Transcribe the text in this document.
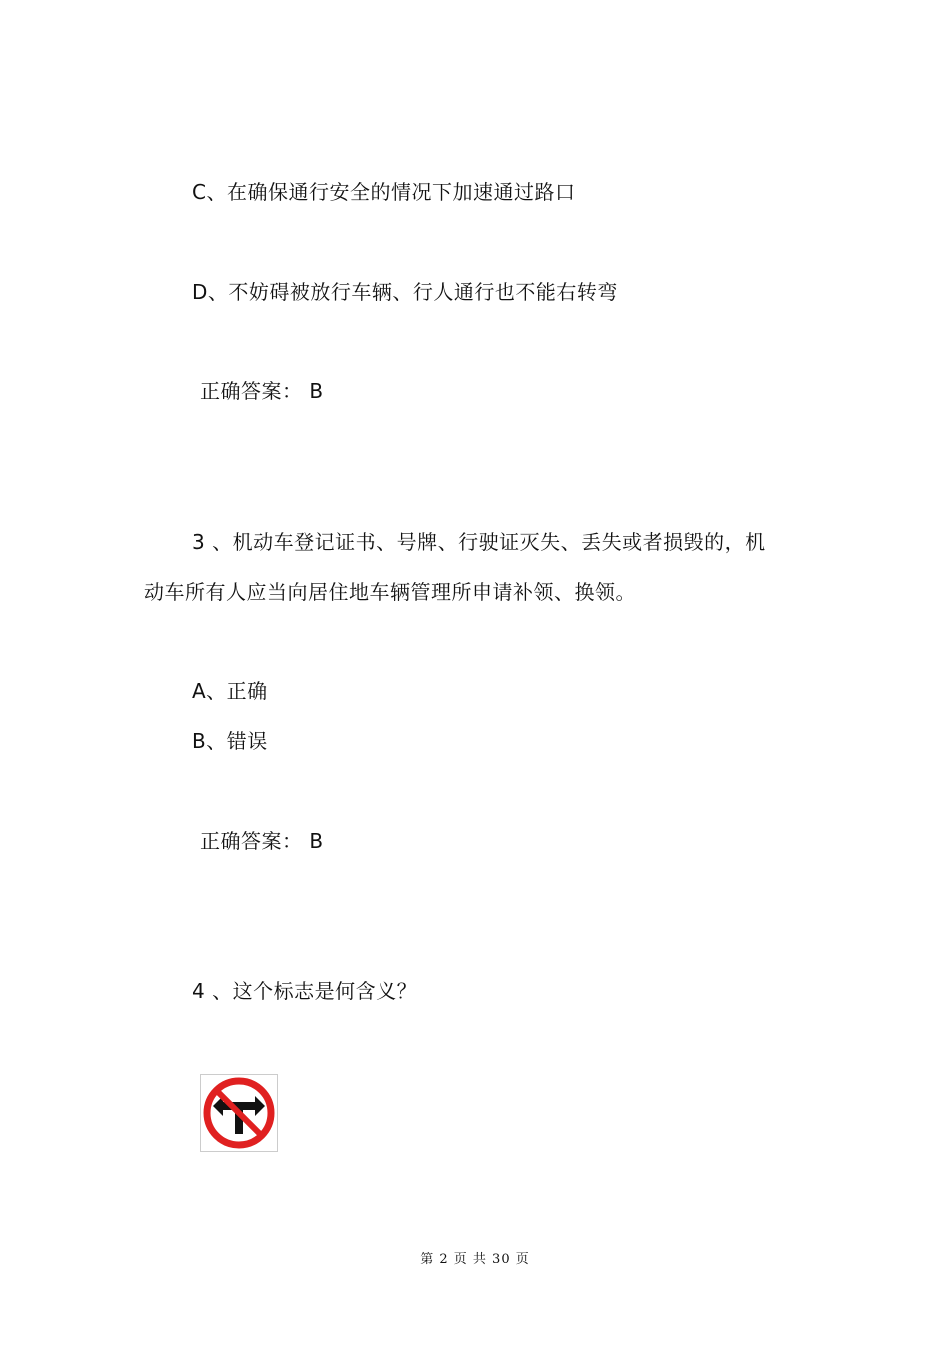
C、在确保通行安全的情况下加速通过路口
D、不妨碍被放行车辆、行人通行也不能右转弯
正确答案： B
3 、机动车登记证书、号牌、行驶证灭失、丢失或者损毁的，机
动车所有人应当向居住地车辆管理所申请补领、换领。
A、正确
B、错误
正确答案： B
4 、这个标志是何含义？
第 2 页 共 30 页
